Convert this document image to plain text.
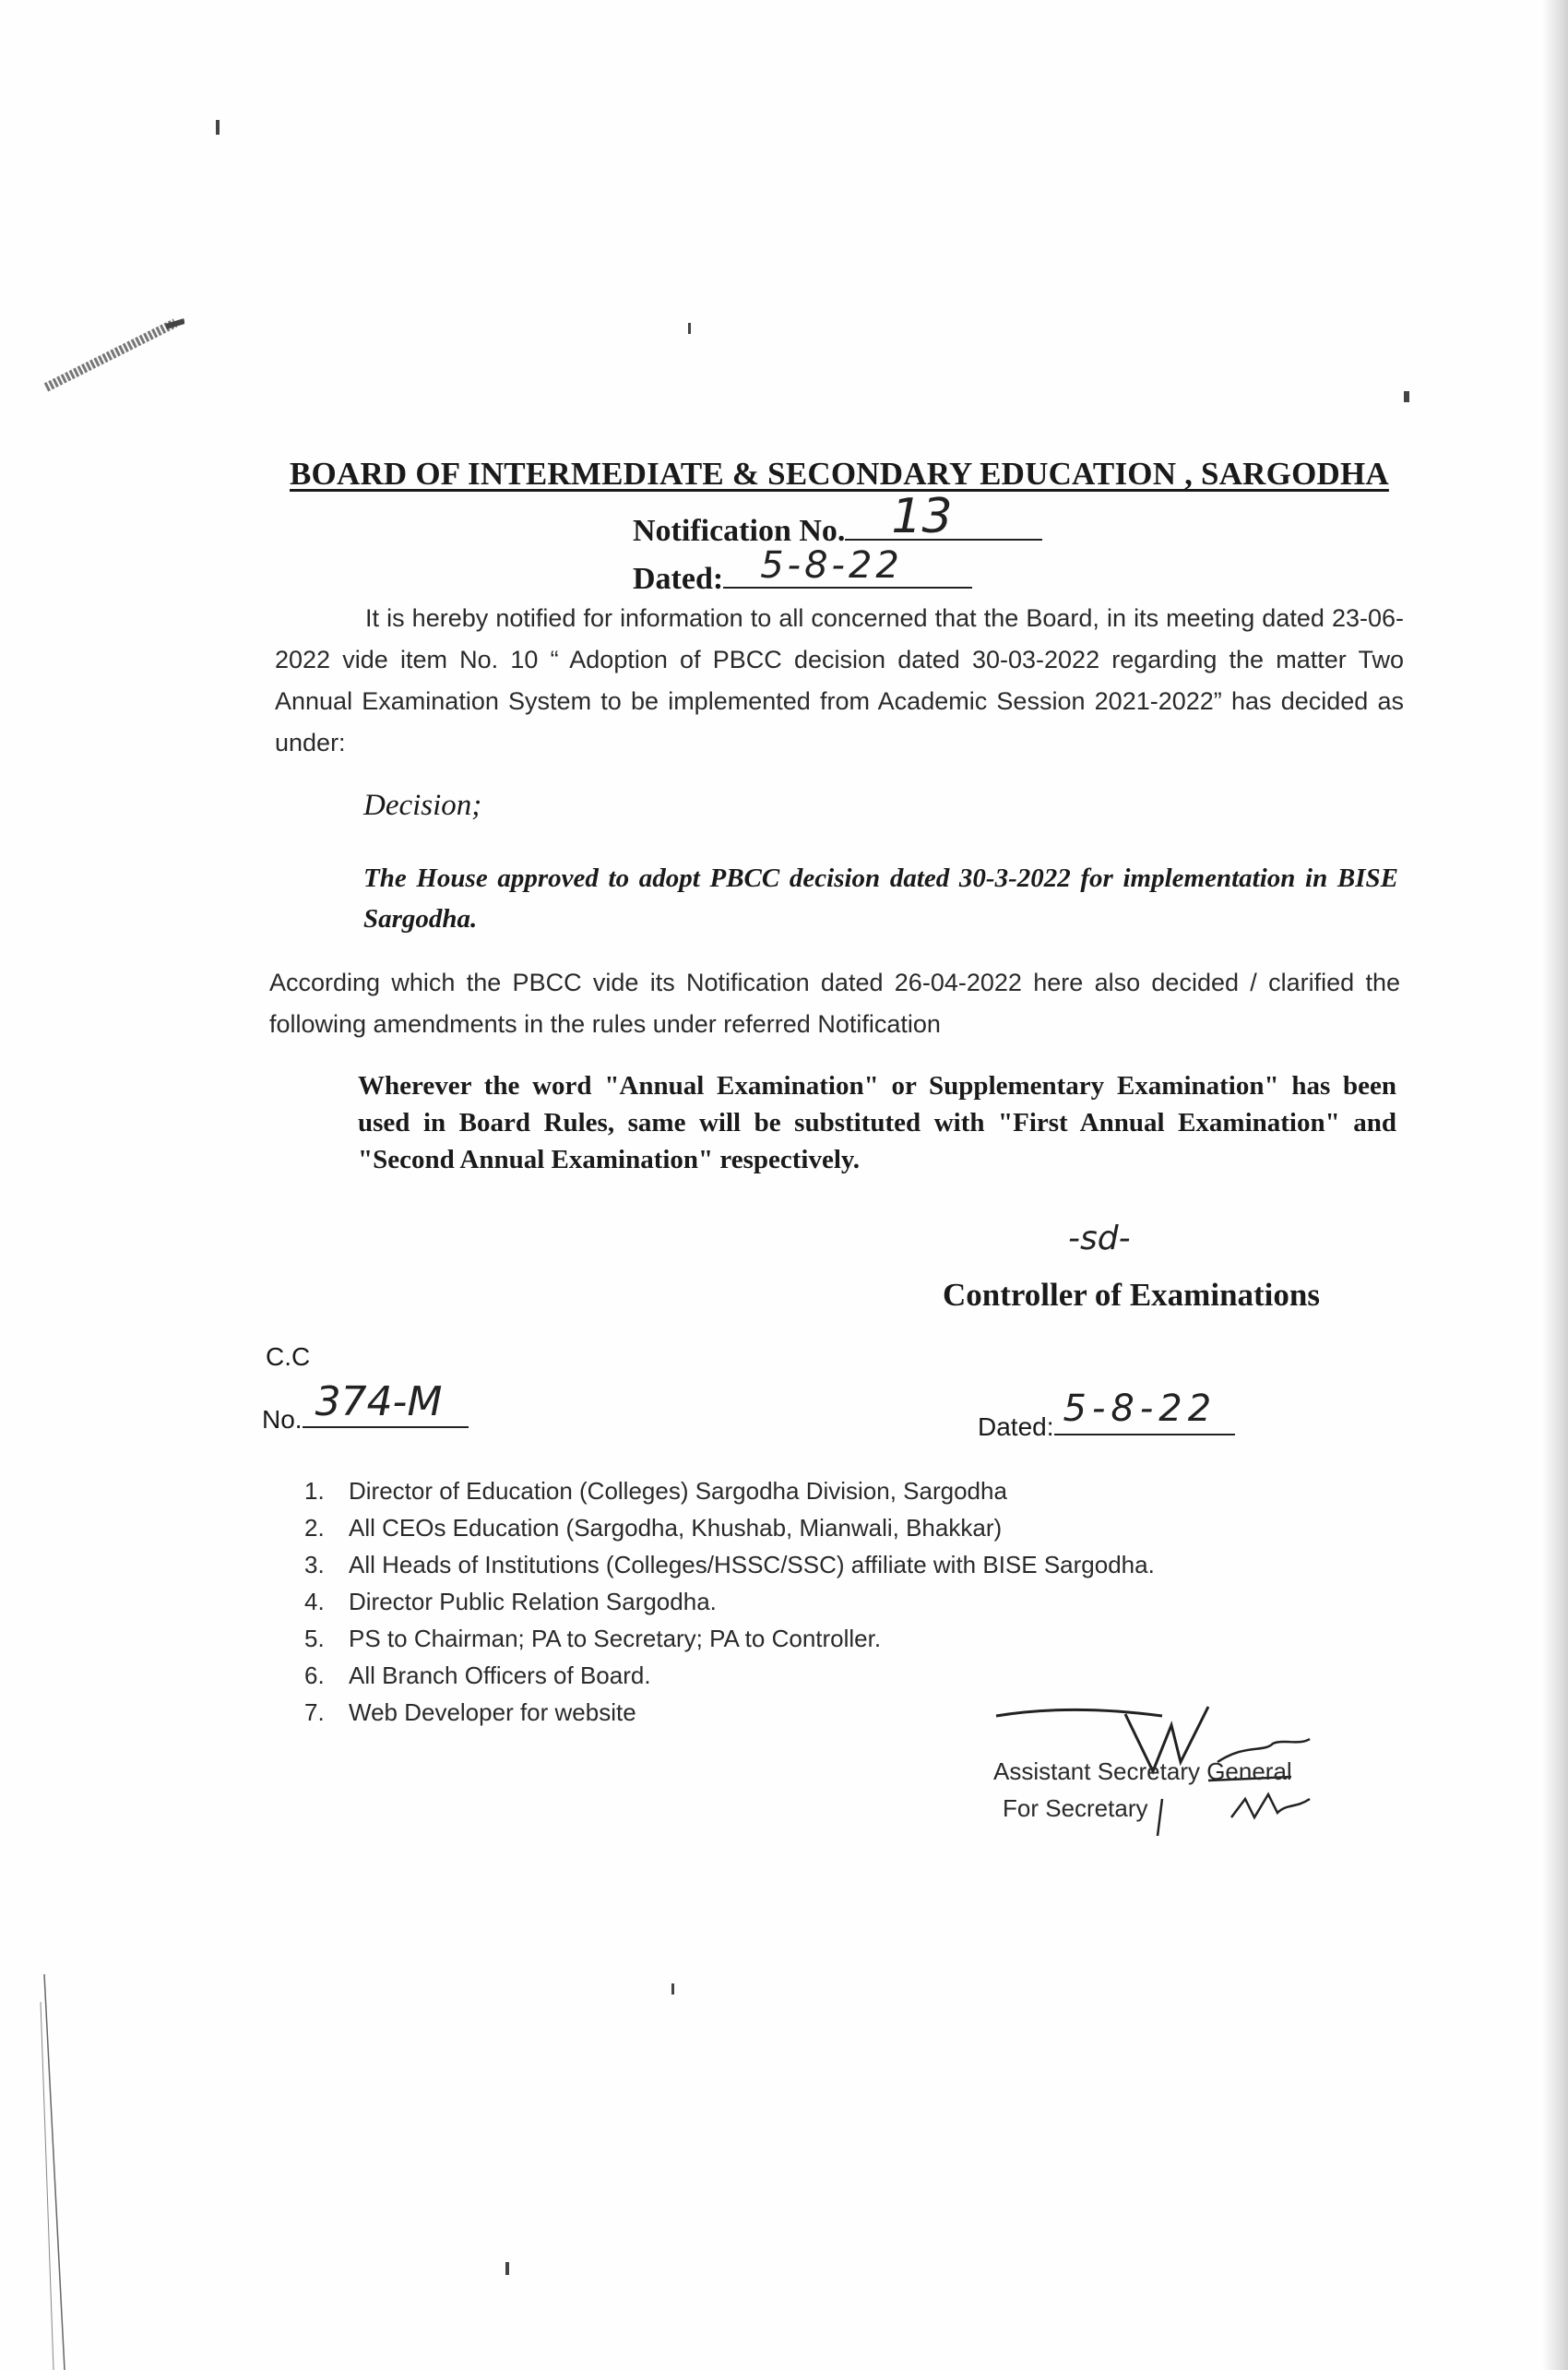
BOARD OF INTERMEDIATE & SECONDARY EDUCATION , SARGODHA
Notification No. 13
Dated: 5-8-22
It is hereby notified for information to all concerned that the Board, in its meeting dated 23-06-2022 vide item No. 10 “ Adoption of PBCC decision dated 30-03-2022 regarding the matter Two Annual Examination System to be implemented from Academic Session 2021-2022” has decided as under:
Decision;
The House approved to adopt PBCC decision dated 30-3-2022 for implementation in BISE Sargodha.
According which the PBCC vide its Notification dated 26-04-2022 here also decided / clarified the following amendments in the rules under referred Notification
Wherever the word "Annual Examination" or Supplementary Examination" has been used in Board Rules, same will be substituted with "First Annual Examination" and "Second Annual Examination" respectively.
-sd-
Controller of Examinations
C.C
No. 374-M
Dated: 5-8-22
1.	Director of Education (Colleges) Sargodha Division, Sargodha
2.	All CEOs Education (Sargodha, Khushab, Mianwali, Bhakkar)
3.	All Heads of Institutions (Colleges/HSSC/SSC) affiliate with BISE Sargodha.
4.	Director Public Relation Sargodha.
5.	PS to Chairman; PA to Secretary; PA to Controller.
6.	All Branch Officers of Board.
7.	Web Developer for website
Assistant Secretary General
For Secretary
